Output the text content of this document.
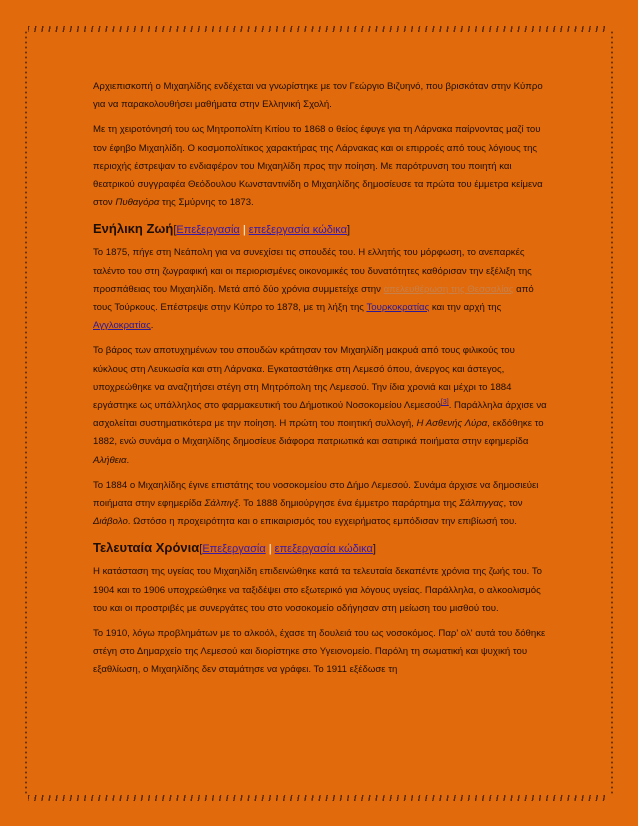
Αρχιεπισκοπή ο Μιχαηλίδης ενδέχεται να γνωρίστηκε με τον Γεώργιο Βιζυηνό, που βρισκόταν στην Κύπρο για να παρακολουθήσει μαθήματα στην Ελληνική Σχολή.

Με τη χειροτόνησή του ως Μητροπολίτη Κιτίου το 1868 ο θείος έφυγε για τη Λάρνακα παίρνοντας μαζί του τον έφηβο Μιχαηλίδη. Ο κοσμοπολίτικος χαρακτήρας της Λάρνακας και οι επιρροές από τους λόγιους της περιοχής έστρεψαν το ενδιαφέρον του Μιχαηλίδη προς την ποίηση. Με παρότρυνση του ποιητή και θεατρικού συγγραφέα Θεόδουλου Κωνσταντινίδη ο Μιχαηλίδης δημοσίευσε τα πρώτα του έμμετρα κείμενα στον Πυθαγόρα της Σμύρνης το 1873.

Ενήλικη Ζωή[Επεξεργασία | επεξεργασία κώδικα]

Το 1875, πήγε στη Νεάπολη για να συνεχίσει τις σπουδές του. Η ελλητής του μόρφωση, το ανεπαρκές ταλέντο του στη ζωγραφική και οι περιορισμένες οικονομικές του δυνατότητες καθόρισαν την εξέλιξη της προσπάθειας του Μιχαηλίδη. Μετά από δύο χρόνια συμμετείχε στην απελευθέρωση της Θεσσαλίας από τους Τούρκους. Επέστρεψε στην Κύπρο το 1878, με τη λήξη της Τουρκοκρατίας και την αρχή της Αγγλοκρατίας.

Το βάρος των αποτυχημένων του σπουδών κράτησαν τον Μιχαηλίδη μακρυά από τους φιλικούς του κύκλους στη Λευκωσία και στη Λάρνακα. Εγκαταστάθηκε στη Λεμεσό όπου, άνεργος και άστεγος, υποχρεώθηκε να αναζητήσει στέγη στη Μητρόπολη της Λεμεσού. Την ίδια χρονιά και μέχρι το 1884 εργάστηκε ως υπάλληλος στο φαρμακευτική του Δήμοτικού Νοσοκομείου Λεμεσού[3]. Παράλληλα άρχισε να ασχολείται συστηματικότερα με την ποίηση. Η πρώτη του ποιητική συλλογή, Η Ασθενής Λύρα, εκδόθηκε το 1882, ενώ συνάμα ο Μιχαηλίδης δημοσίευε διάφορα πατριωτικά και σατιρικά ποιήματα στην εφημερίδα Αλήθεια.

Το 1884 ο Μιχαηλίδης έγινε επιστάτης του νοσοκομείου στο Δήμο Λεμεσού. Συνάμα άρχισε να δημοσιεύει ποιήματα στην εφημερίδα Σάλπιγξ. Το 1888 δημιούργησε ένα έμμετρο παράρτημα της Σάλπιγγας, τον Διάβολο. Ωστόσο η προχειρότητα και ο επικαιρισμός του εγχειρήματος εμπόδισαν την επιβίωσή του.

Τελευταία Χρόνια[Επεξεργασία | επεξεργασία κώδικα]

Η κατάσταση της υγείας του Μιχαηλίδη επιδεινώθηκε κατά τα τελευταία δεκαπέντε χρόνια της ζωής του. Το 1904 και το 1906 υποχρεώθηκε να ταξιδέψει στο εξωτερικό για λόγους υγείας. Παράλληλα, ο αλκοολισμός του και οι προστριβές με συνεργάτες του στο νοσοκομείο οδήγησαν στη μείωση του μισθού του.

Το 1910, λόγω προβλημάτων με το αλκοόλ, έχασε τη δουλειά του ως νοσοκόμος. Παρ' ολ' αυτά του δόθηκε στέγη στο Δημαρχείο της Λεμεσού και διορίστηκε στο Υγειονομείο. Παρόλη τη σωματική και ψυχική του εξαθλίωση, ο Μιχαηλίδης δεν σταμάτησε να γράφει. Το 1911 εξέδωσε τη
